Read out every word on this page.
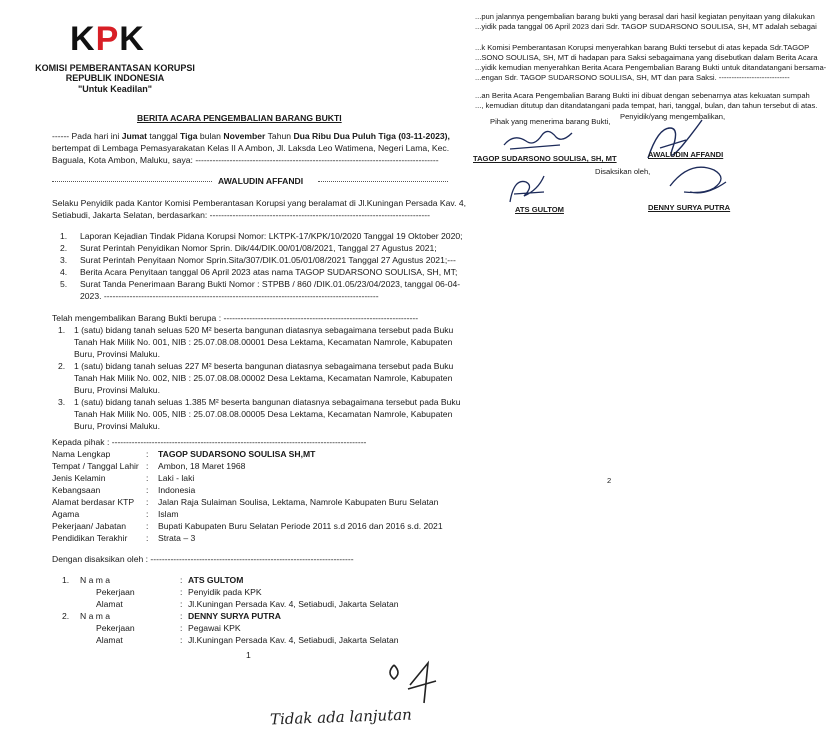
KPK
KOMISI PEMBERANTASAN KORUPSI
REPUBLIK INDONESIA
"Untuk Keadilan"
BERITA ACARA PENGEMBALIAN BARANG BUKTI
------ Pada hari ini Jumat tanggal Tiga bulan November Tahun Dua Ribu Dua Puluh Tiga (03-11-2023),
bertempat di Lembaga Pemasyarakatan Kelas II A Ambon, Jl. Laksda Leo Watimena, Negeri Lama, Kec.
Baguala, Kota Ambon, Maluku, saya: -------------------------------------------------------------------------------------
AWALUDIN AFFANDI
Selaku Penyidik pada Kantor Komisi Pemberantasan Korupsi yang beralamat di Jl.Kuningan Persada Kav. 4,
Setiabudi, Jakarta Selatan, berdasarkan: -----------------------------------------------------------------------------
1. Laporan Kejadian Tindak Pidana Korupsi Nomor: LKTPK-17/KPK/10/2020 Tanggal 19 Oktober 2020;
2. Surat Perintah Penyidikan Nomor Sprin. Dik/44/DIK.00/01/08/2021, Tanggal 27 Agustus 2021;
3. Surat Perintah Penyitaan Nomor Sprin.Sita/307/DIK.01.05/01/08/2021 Tanggal 27 Agustus 2021;---
4. Berita Acara Penyitaan tanggal 06 April 2023 atas nama TAGOP SUDARSONO SOULISA, SH, MT;
5. Surat Tanda Penerimaan Barang Bukti Nomor : STPBB / 860 /DIK.01.05/23/04/2023, tanggal 06-04-
2023. ------------------------------------------------------------------------------------------------
Telah mengembalikan Barang Bukti berupa : --------------------------------------------------------------------
1. 1 (satu) bidang tanah seluas 520 M² beserta bangunan diatasnya sebagaimana tersebut pada Buku
Tanah Hak Milik No. 001, NIB : 25.07.08.08.00001 Desa Lektama, Kecamatan Namrole, Kabupaten
Buru, Provinsi Maluku.
2. 1 (satu) bidang tanah seluas 227 M² beserta bangunan diatasnya sebagaimana tersebut pada Buku
Tanah Hak Milik No. 002, NIB : 25.07.08.08.00002 Desa Lektama, Kecamatan Namrole, Kabupaten
Buru, Provinsi Maluku.
3. 1 (satu) bidang tanah seluas 1.385 M² beserta bangunan diatasnya sebagaimana tersebut pada Buku
Tanah Hak Milik No. 005, NIB : 25.07.08.08.00005 Desa Lektama, Kecamatan Namrole, Kabupaten
Buru, Provinsi Maluku.
Kepada pihak : -----------------------------------------------------------------------------------------
Nama Lengkap	: TAGOP SUDARSONO SOULISA SH,MT
Tempat / Tanggal Lahir : Ambon, 18 Maret 1968
Jenis Kelamin	: Laki - laki
Kebangsaan	: Indonesia
Alamat berdasar KTP : Jalan Raja Sulaiman Soulisa, Lektama, Namrole Kabupaten Buru Selatan
Agama	: Islam
Pekerjaan/ Jabatan : Bupati Kabupaten Buru Selatan Periode 2011 s.d 2016 dan 2016 s.d. 2021
Pendidikan Terakhir : Strata – 3
Dengan disaksikan oleh : -----------------------------------------------------------------------
1. N a m a	: ATS GULTOM
Pekerjaan	: Penyidik pada KPK
Alamat	: Jl.Kuningan Persada Kav. 4, Setiabudi, Jakarta Selatan
2. N a m a	: DENNY SURYA PUTRA
Pekerjaan	: Pegawai KPK
Alamat	: Jl.Kuningan Persada Kav. 4, Setiabudi, Jakarta Selatan
1
Tidak ada lanjutan
...pun jalannya pengembalian barang bukti yang berasal dari hasil kegiatan penyitaan yang dilakukan
...yidik pada tanggal 06 April 2023 dari Sdr. TAGOP SUDARSONO SOULISA, SH, MT adalah sebagai
...k Komisi Pemberantasan Korupsi menyerahkan barang Bukti tersebut di atas kepada Sdr.TAGOP
...SONO SOULISA, SH, MT di hadapan para Saksi sebagaimana yang disebutkan dalam Berita Acara
...yidik kemudian menyerahkan Berita Acara Pengembalian Barang Bukti untuk ditandatangani bersama-
...engan Sdr. TAGOP SUDARSONO SOULISA, SH, MT dan para Saksi. ----------------------------
...an Berita Acara Pengembalian Barang Bukti ini dibuat dengan sebenarnya atas kekuatan sumpah
..., kemudian ditutup dan ditandatangani pada tempat, hari, tanggal, bulan, dan tahun tersebut di atas.
Pihak yang menerima barang Bukti,
Penyidik/yang mengembalikan,
TAGOP SUDARSONO SOULISA, SH, MT	AWALUDIN AFFANDI
Disaksikan oleh,
ATS GULTOM	DENNY SURYA PUTRA
2
